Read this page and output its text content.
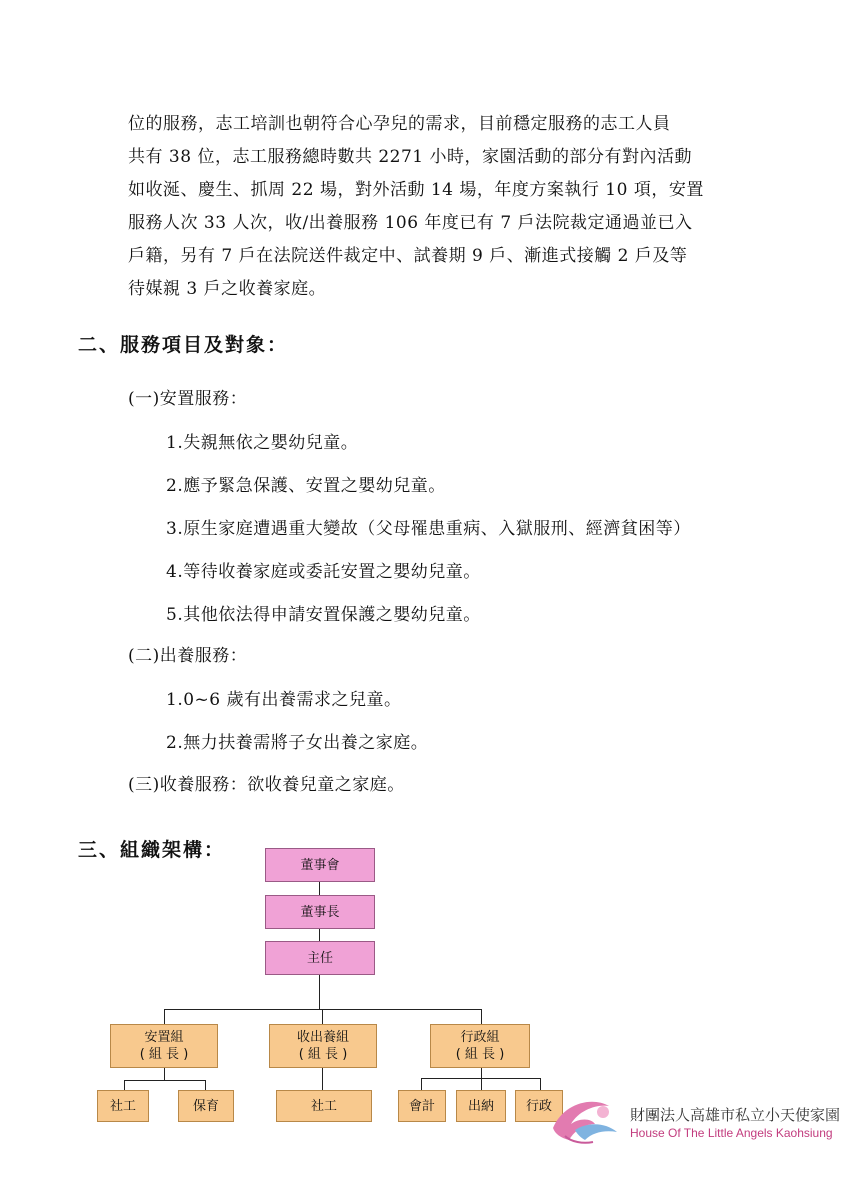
位的服務，志工培訓也朝符合心孕兒的需求，目前穩定服務的志工人員
共有 38 位，志工服務總時數共 2271 小時，家園活動的部分有對內活動
如收涎、慶生、抓周 22 場，對外活動 14 場，年度方案執行 10 項，安置
服務人次 33 人次，收/出養服務 106 年度已有 7 戶法院裁定通過並已入
戶籍，另有 7 戶在法院送件裁定中、試養期 9 戶、漸進式接觸 2 戶及等
待媒親 3 戶之收養家庭。
二、服務項目及對象：
(一)安置服務：
1.失親無依之嬰幼兒童。
2.應予緊急保護、安置之嬰幼兒童。
3.原生家庭遭遇重大變故（父母罹患重病、入獄服刑、經濟貧困等）
4.等待收養家庭或委託安置之嬰幼兒童。
5.其他依法得申請安置保護之嬰幼兒童。
(二)出養服務：
1.0~6 歲有出養需求之兒童。
2.無力扶養需將子女出養之家庭。
(三)收養服務：欲收養兒童之家庭。
三、組織架構：
董事會
董事長
主任
安置組
( 組 長 )
收出養組
( 組 長 )
行政組
( 組 長 )
社工	保育	社工	會計	出納 行政	財團法人高雄市私立小天使家園
House Of The Little Angels Kaohsiung
